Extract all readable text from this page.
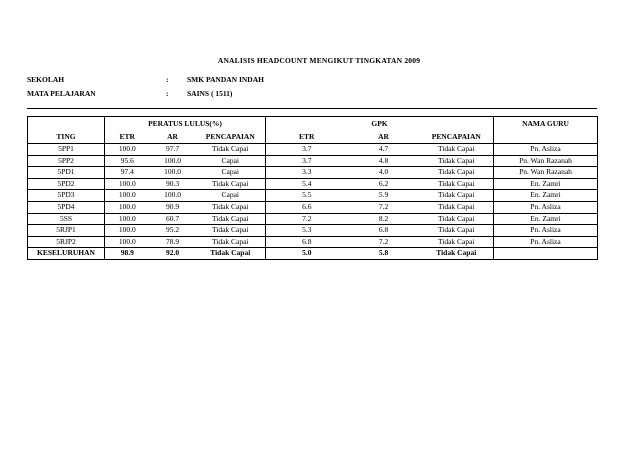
ANALISIS HEADCOUNT MENGIKUT TINGKATAN 2009
SEKOLAH	: SMK PANDAN INDAH
MATA PELAJARAN	: SAINS ( 1511)
	PERATUS LULUS(%)			GPK			NAMA GURU
TING	ETR	AR	PENCAPAIAN	ETR	AR	PENCAPAIAN	
5PP1	100.0	97.7	Tidak Capai	3.7	4.7	Tidak Capai	Pn. Asliza
5PP2	95.6	100.0	Capai	3.7	4.8	Tidak Capai	Pn. Wan Razanah
5PD1	97.4	100.0	Capai	3.3	4.0	Tidak Capai	Pn. Wan Razanah
5PD2	100.0	90.3	Tidak Capai	5.4	6.2	Tidak Capai	En. Zamri
5PD3	100.0	100.0	Capai	5.5	5.9	Tidak Capai	En. Zamri
5PD4	100.0	90.9	Tidak Capai	6.6	7.2	Tidak Capai	Pn. Asliza
5SS	100.0	60.7	Tidak Capai	7.2	8.2	Tidak Capai	En. Zamri
5RJP1	100.0	95.2	Tidak Capai	5.3	6.8	Tidak Capai	Pn. Asliza
5RJP2	100.0	78.9	Tidak Capai	6.8	7.2	Tidak Capai	Pn. Asliza
KESELURUHAN	98.9	92.0	Tidak Capai	5.0	5.8	Tidak Capai	
